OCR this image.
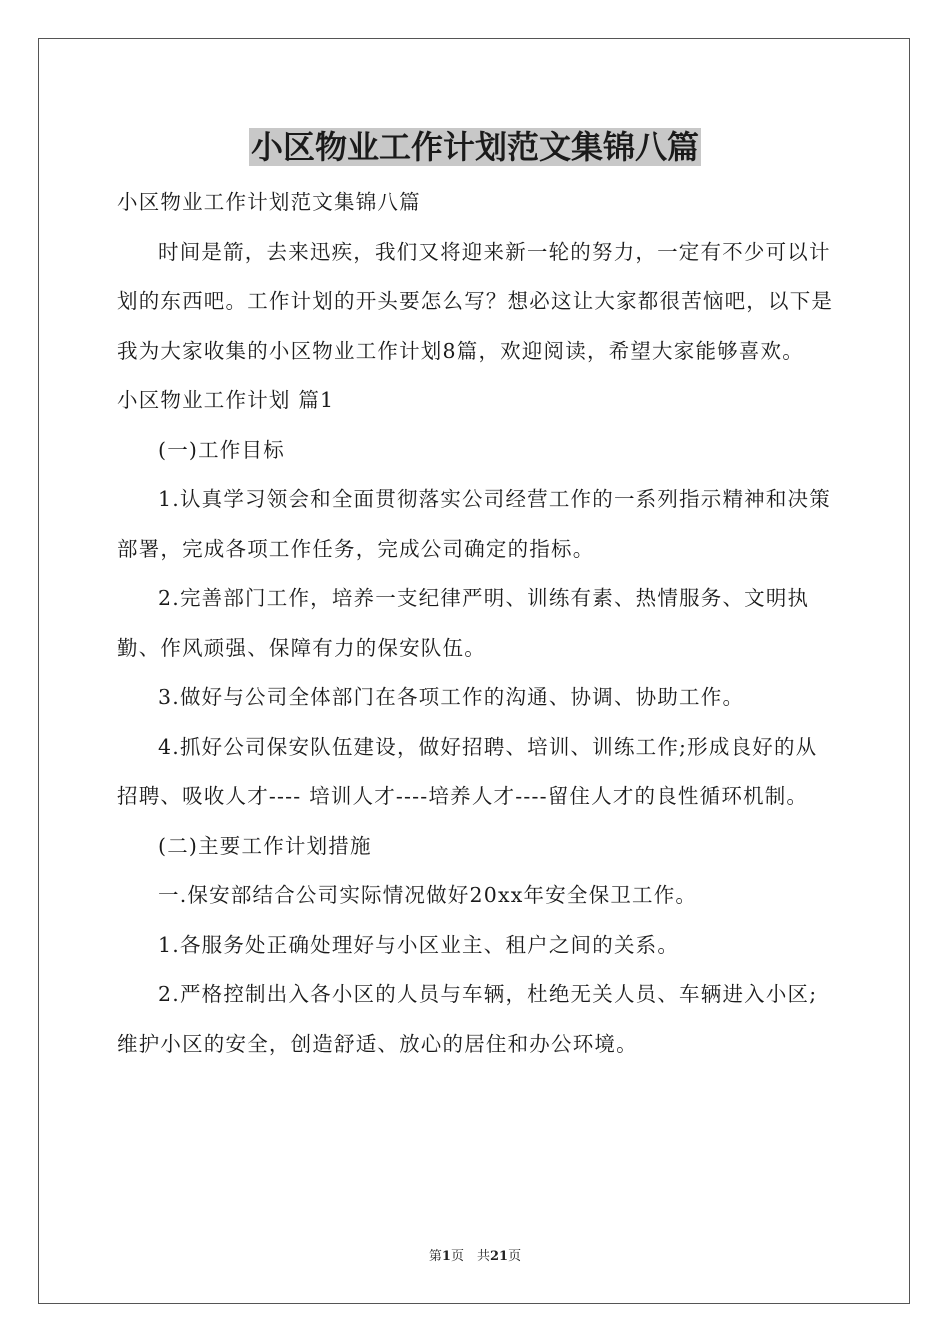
小区物业工作计划范文集锦八篇

小区物业工作计划范文集锦八篇

时间是箭，去来迅疾，我们又将迎来新一轮的努力，一定有不少可以计划的东西吧。工作计划的开头要怎么写？想必这让大家都很苦恼吧，以下是我为大家收集的小区物业工作计划8篇，欢迎阅读，希望大家能够喜欢。

小区物业工作计划 篇1

(一)工作目标

1.认真学习领会和全面贯彻落实公司经营工作的一系列指示精神和决策部署，完成各项工作任务，完成公司确定的指标。

2.完善部门工作，培养一支纪律严明、训练有素、热情服务、文明执勤、作风顽强、保障有力的保安队伍。

3.做好与公司全体部门在各项工作的沟通、协调、协助工作。

4.抓好公司保安队伍建设，做好招聘、培训、训练工作;形成良好的从招聘、吸收人才---- 培训人才----培养人才----留住人才的良性循环机制。

(二)主要工作计划措施

一.保安部结合公司实际情况做好20xx年安全保卫工作。

1.各服务处正确处理好与小区业主、租户之间的关系。

2.严格控制出入各小区的人员与车辆，杜绝无关人员、车辆进入小区;维护小区的安全，创造舒适、放心的居住和办公环境。

第1页　共21页
